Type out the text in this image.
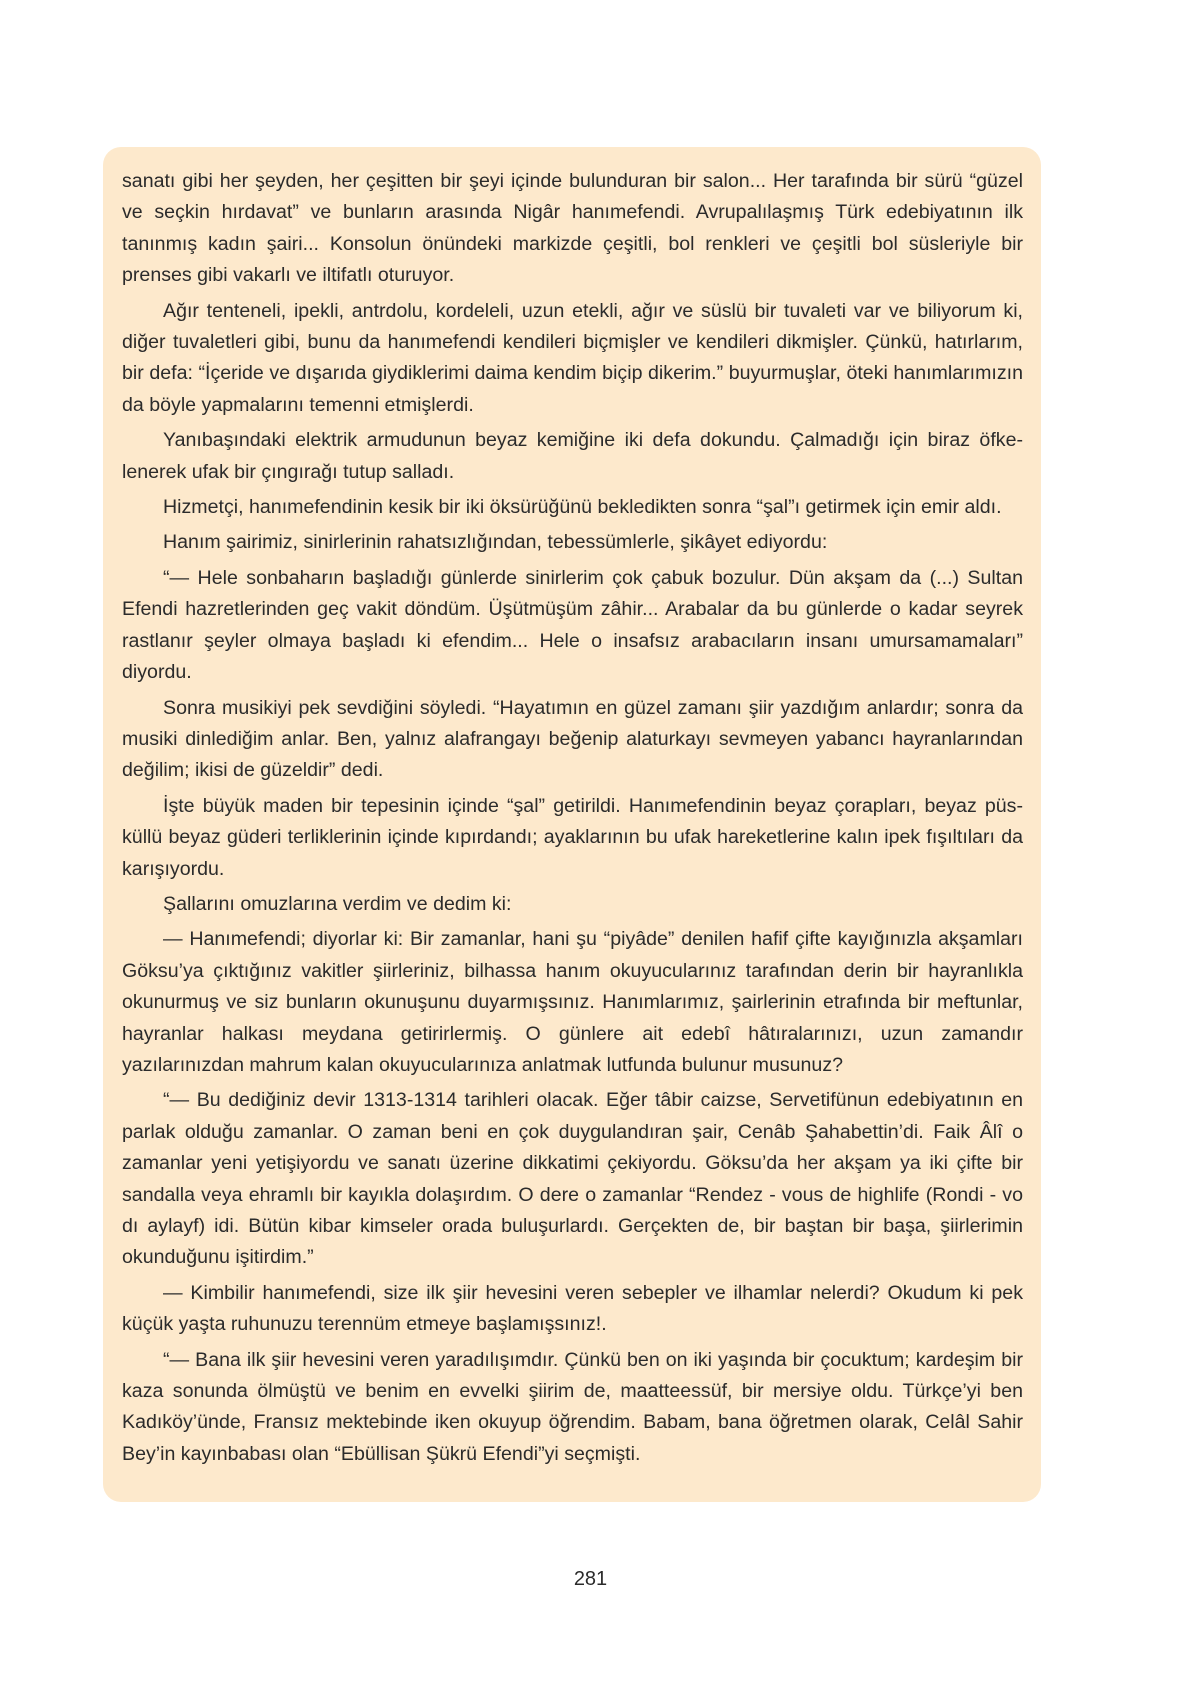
sanatı gibi her şeyden, her çeşitten bir şeyi içinde bulunduran bir salon... Her tarafında bir sürü “güzel ve seçkin hırdavat” ve bunların arasında Nigâr hanımefendi. Avrupalılaşmış Türk edebiyatının ilk tanınmış kadın şairi... Konsolun önündeki markizde çeşitli, bol renkleri ve çeşitli bol süsleriyle bir prenses gibi vakarlı ve iltifatlı oturuyor.

Ağır tenteneli, ipekli, antrdolu, kordeleli, uzun etekli, ağır ve süslü bir tuvaleti var ve biliyorum ki, diğer tuvaletleri gibi, bunu da hanımefendi kendileri biçmişler ve kendileri dikmişler. Çünkü, hatırlarım, bir defa: “İçeride ve dışarıda giydiklerimi daima kendim biçip dikerim.” buyurmuşlar, öteki hanımlarımızın da böyle yapmalarını temenni etmişlerdi.

Yanıbaşındaki elektrik armudunun beyaz kemiğine iki defa dokundu. Çalmadığı için biraz öfkelenerek ufak bir çıngırağı tutup salladı.

Hizmetçi, hanımefendinin kesik bir iki öksürüğünü bekledikten sonra “şal”ı getirmek için emir aldı.

Hanım şairimiz, sinirlerinin rahatsızlığından, tebessümlerle, şikâyet ediyordu:

“— Hele sonbaharın başladığı günlerde sinirlerim çok çabuk bozulur. Dün akşam da (...) Sultan Efendi hazretlerinden geç vakit döndüm. Üşütmüşüm zâhir... Arabalar da bu günlerde o kadar seyrek rastlanır şeyler olmaya başladı ki efendim... Hele o insafsız arabacıların insanı umursamamaları” diyordu.

Sonra musikiyi pek sevdiğini söyledi. “Hayatımın en güzel zamanı şiir yazdığım anlardır; sonra da musiki dinlediğim anlar. Ben, yalnız alafrangayı beğenip alaturkayı sevmeyen yabancı hayranlarından değilim; ikisi de güzeldir” dedi.

İşte büyük maden bir tepesinin içinde “şal” getirildi. Hanımefendinin beyaz çorapları, beyaz püsküllü beyaz güderi terliklerinin içinde kıpırdandı; ayaklarının bu ufak hareketlerine kalın ipek fışıltıları da karışıyordu.

Şallarını omuzlarına verdim ve dedim ki:

— Hanımefendi; diyorlar ki: Bir zamanlar, hani şu “piyâde” denilen hafif çifte kayığınızla akşamları Göksu’ya çıktığınız vakitler şiirleriniz, bilhassa hanım okuyucularınız tarafından derin bir hayranlıkla okunurmuş ve siz bunların okunuşunu duyarmışsınız. Hanımlarımız, şairlerinin etrafında bir meftunlar, hayranlar halkası meydana getirirlermiş. O günlere ait edebî hâtıralarınızı, uzun zamandır yazılarınızdan mahrum kalan okuyucularınıza anlatmak lutfunda bulunur musunuz?

“— Bu dediğiniz devir 1313-1314 tarihleri olacak. Eğer tâbir caizse, Servetifünun edebiyatının en parlak olduğu zamanlar. O zaman beni en çok duygulandıran şair, Cenâb Şahabettin’di. Faik Âlî o zamanlar yeni yetişiyordu ve sanatı üzerine dikkatimi çekiyordu. Göksu’da her akşam ya iki çifte bir sandalla veya ehramlı bir kayıkla dolaşırdım. O dere o zamanlar “Rendez - vous de highlife (Rondi - vo dı aylayf) idi. Bütün kibar kimseler orada buluşurlardı. Gerçekten de, bir baştan bir başa, şiirlerimin okunduğunu işitirdim.”

— Kimbilir hanımefendi, size ilk şiir hevesini veren sebepler ve ilhamlar nelerdi? Okudum ki pek küçük yaşta ruhunuzu terennüm etmeye başlamışsınız!.

“— Bana ilk şiir hevesini veren yaradılışımdır. Çünkü ben on iki yaşında bir çocuktum; kardeşim bir kaza sonunda ölmüştü ve benim en evvelki şiirim de, maatteessüf, bir mersiye oldu. Türkçe’yi ben Kadıköy’ünde, Fransız mektebinde iken okuyup öğrendim. Babam, bana öğretmen olarak, Celâl Sahir Bey’in kayınbabası olan “Ebüllisan Şükrü Efendi”yi seçmişti.

281
